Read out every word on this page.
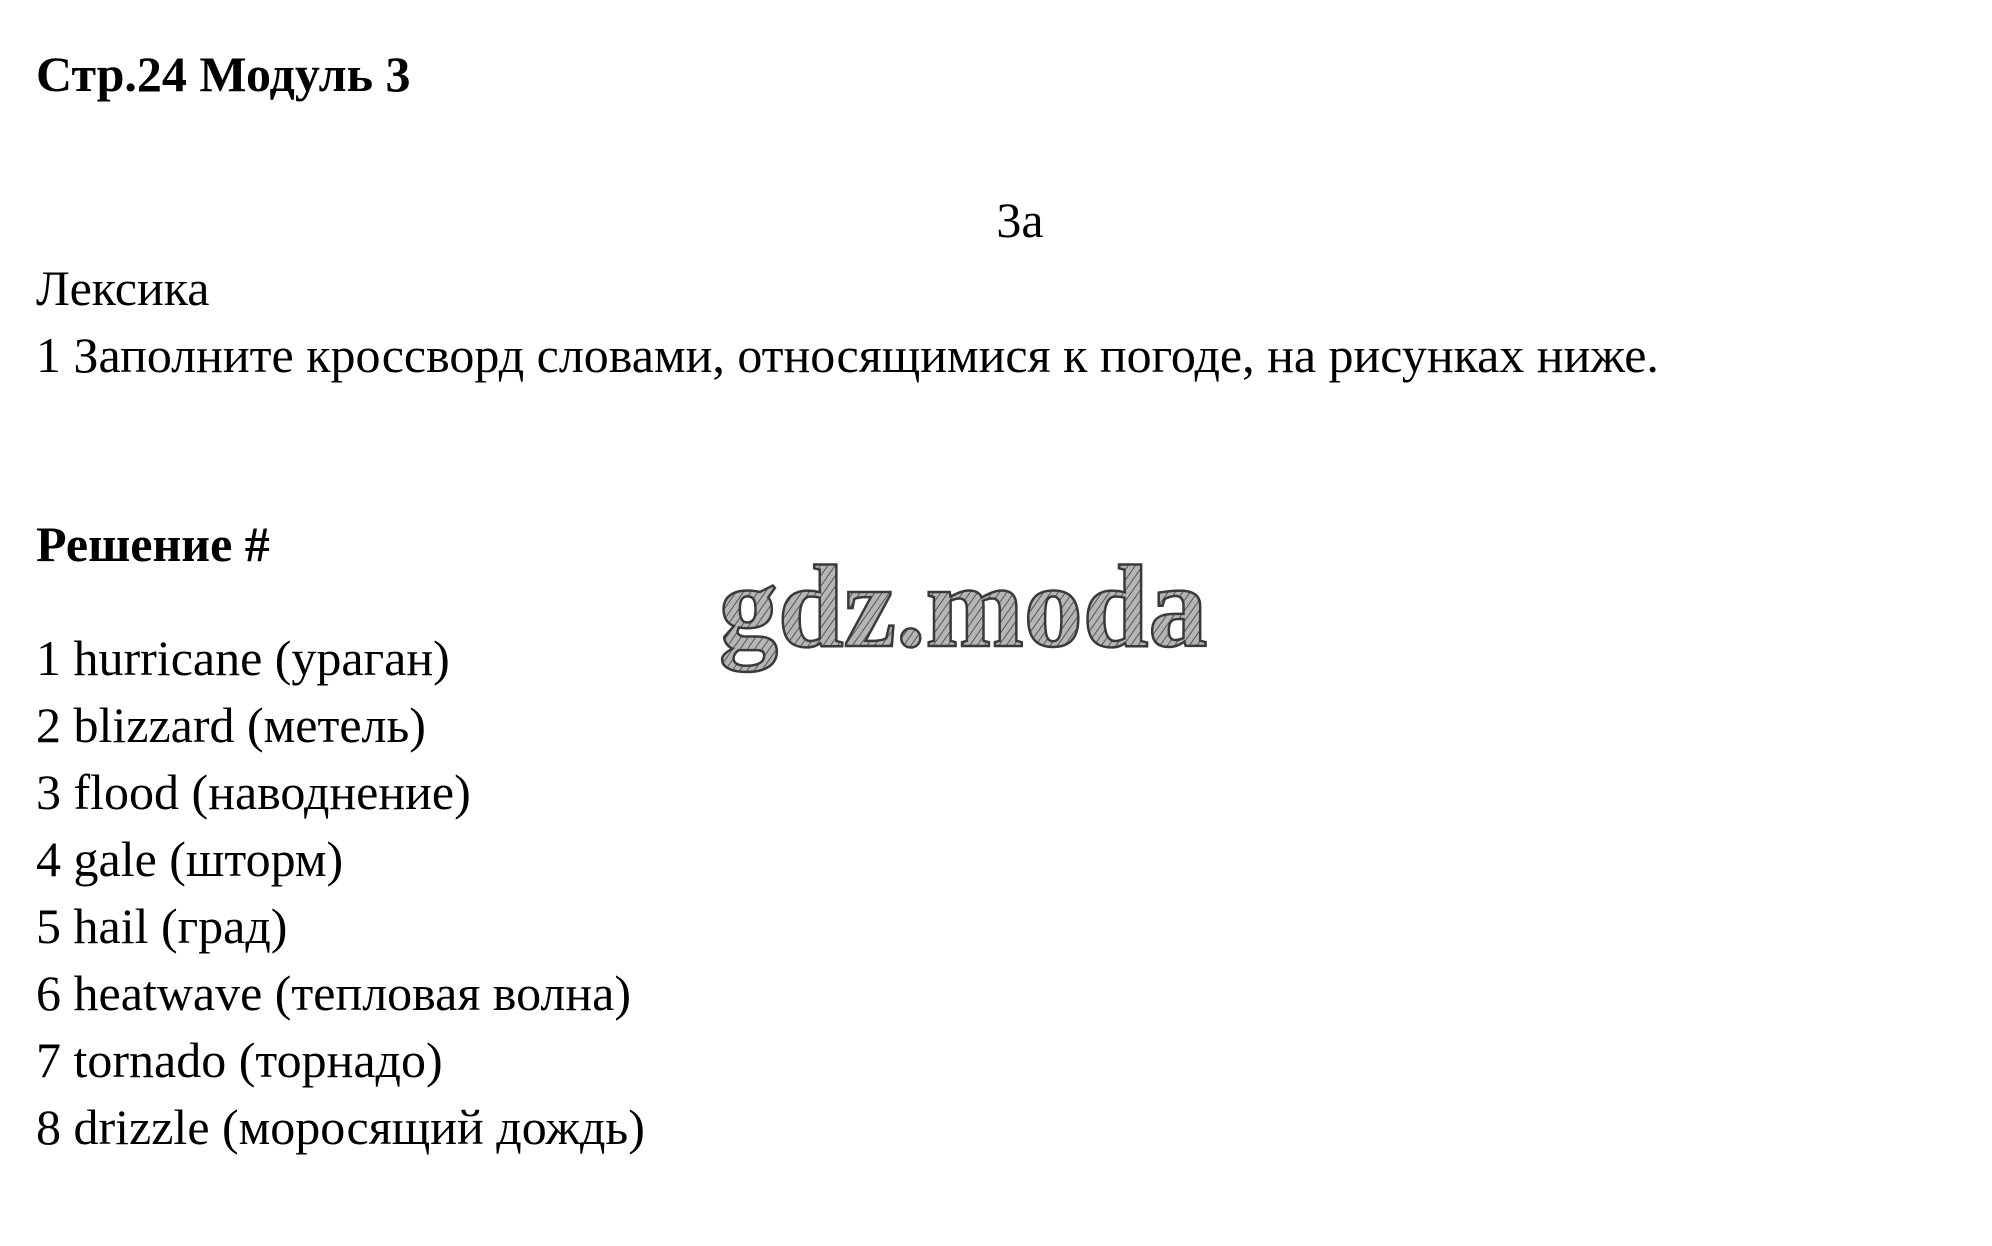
Стр.24 Модуль 3
3a
Лексика
1 Заполните кроссворд словами, относящимися к погоде, на рисунках ниже.
Решение #
1 hurricane (ураган)
2 blizzard (метель)
3 flood (наводнение)
4 gale (шторм)
5 hail (град)
6 heatwave (тепловая волна)
7 tornado (торнадо)
8 drizzle (моросящий дождь)
gdz.moda
